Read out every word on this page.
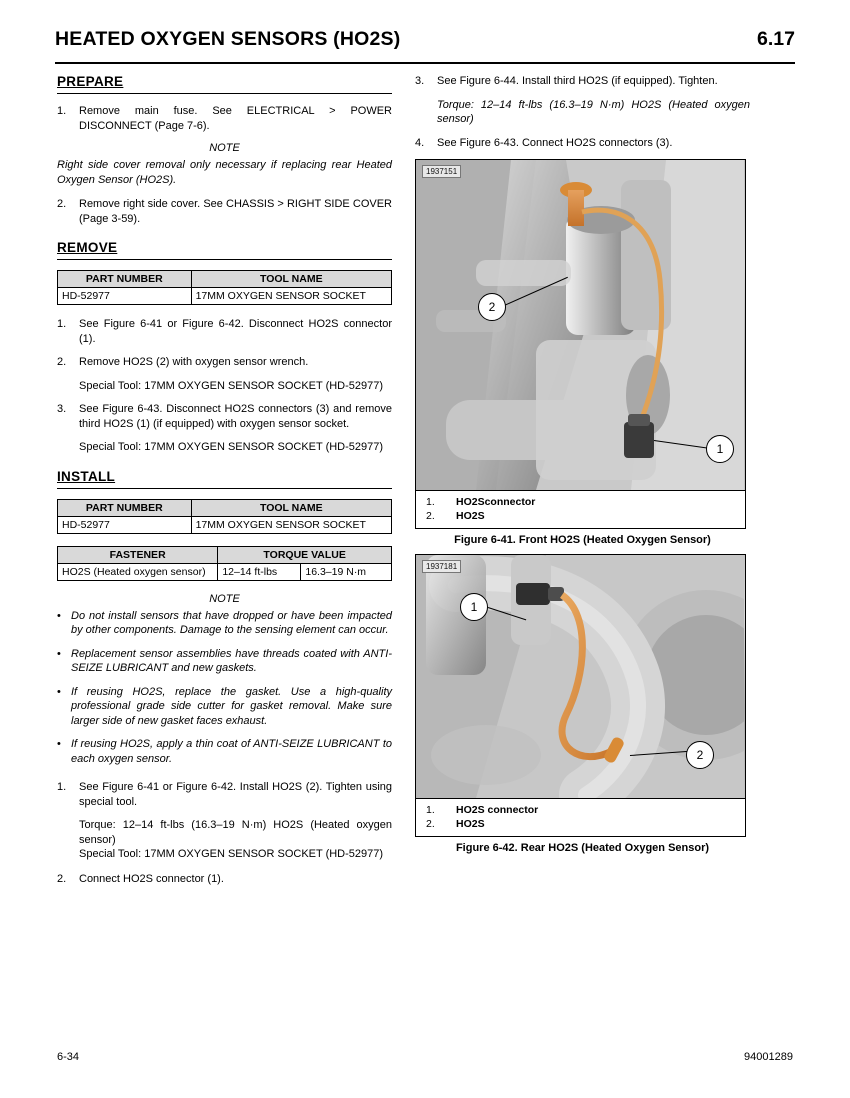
HEATED OXYGEN SENSORS (HO2S)	6.17
PREPARE
1.	Remove main fuse. See ELECTRICAL > POWER DISCONNECT (Page 7-6).
NOTE
Right side cover removal only necessary if replacing rear Heated Oxygen Sensor (HO2S).
2.	Remove right side cover. See CHASSIS > RIGHT SIDE COVER (Page 3-59).
REMOVE
PART NUMBER	TOOL NAME
HD-52977	17MM OXYGEN SENSOR SOCKET
1.	See Figure 6-41 or Figure 6-42. Disconnect HO2S connector (1).
2.	Remove HO2S (2) with oxygen sensor wrench.
Special Tool: 17MM OXYGEN SENSOR SOCKET (HD-52977)
3.	See Figure 6-43. Disconnect HO2S connectors (3) and remove third HO2S (1) (if equipped) with oxygen sensor socket.
Special Tool: 17MM OXYGEN SENSOR SOCKET (HD-52977)
INSTALL
PART NUMBER	TOOL NAME
HD-52977	17MM OXYGEN SENSOR SOCKET
FASTENER	TORQUE VALUE	
HO2S (Heated oxygen sensor)	12–14 ft-lbs	16.3–19 N·m
NOTE
• Do not install sensors that have dropped or have been impacted by other components. Damage to the sensing element can occur.
• Replacement sensor assemblies have threads coated with ANTI-SEIZE LUBRICANT and new gaskets.
• If reusing HO2S, replace the gasket. Use a high-quality professional grade side cutter for gasket removal. Make sure larger side of new gasket faces exhaust.
• If reusing HO2S, apply a thin coat of ANTI-SEIZE LUBRICANT to each oxygen sensor.
1.	See Figure 6-41 or Figure 6-42. Install HO2S (2). Tighten using special tool.
Torque: 12–14 ft-lbs (16.3–19 N·m) HO2S (Heated oxygen sensor)
Special Tool: 17MM OXYGEN SENSOR SOCKET (HD-52977)
2.	Connect HO2S connector (1).
3.	See Figure 6-44. Install third HO2S (if equipped). Tighten.
Torque: 12–14 ft-lbs (16.3–19 N·m) HO2S (Heated oxygen sensor)
4.	See Figure 6-43. Connect HO2S connectors (3).
1937151
2
1
1.	HO2Sconnector
2.	HO2S
Figure 6-41. Front HO2S (Heated Oxygen Sensor)
1937181
1
2
1.	HO2S connector
2.	HO2S
Figure 6-42. Rear HO2S (Heated Oxygen Sensor)
6-34	94001289
